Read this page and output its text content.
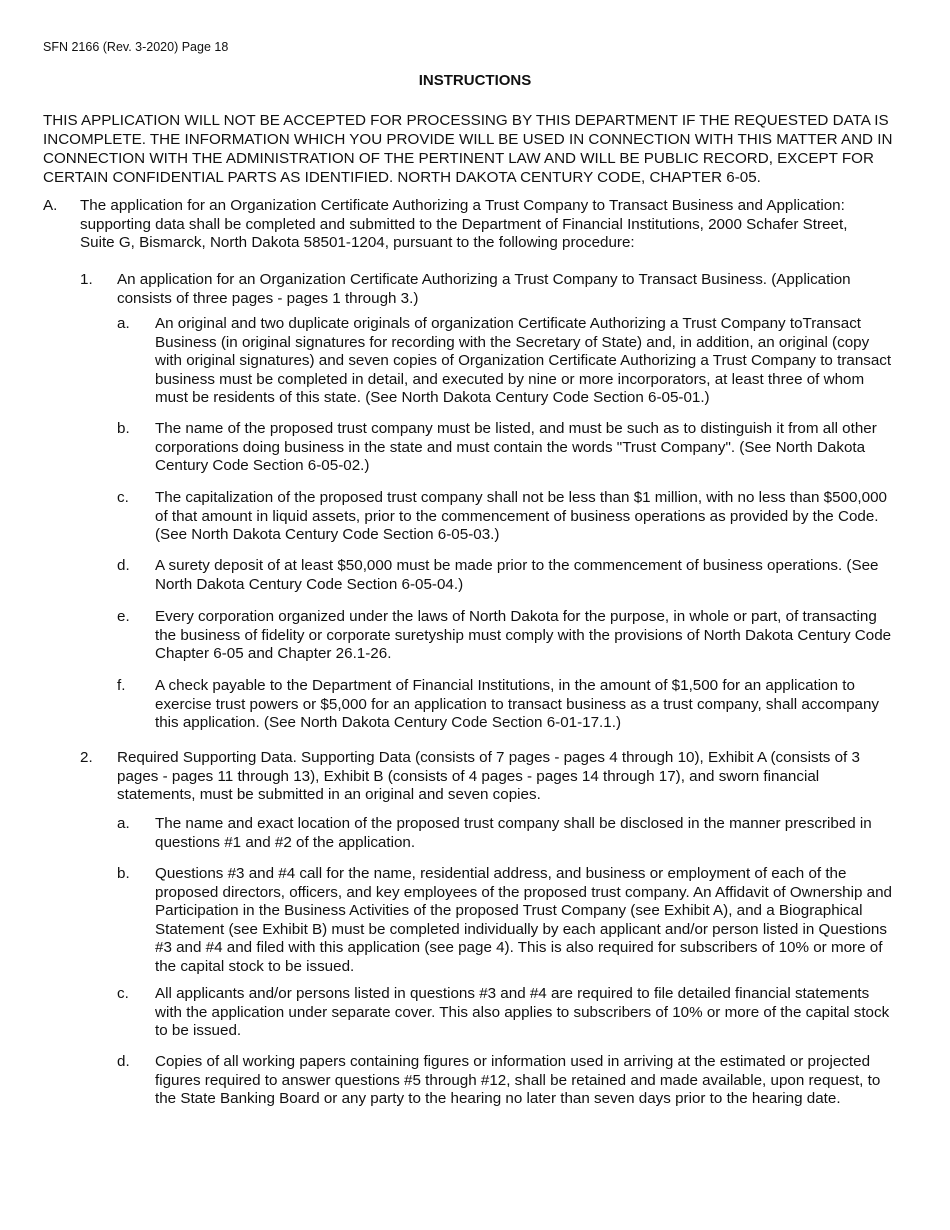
SFN 2166 (Rev. 3-2020) Page 18
INSTRUCTIONS

THIS APPLICATION WILL NOT BE ACCEPTED FOR PROCESSING BY THIS DEPARTMENT IF THE REQUESTED DATA IS INCOMPLETE. THE INFORMATION WHICH YOU PROVIDE WILL BE USED IN CONNECTION WITH THIS MATTER AND IN CONNECTION WITH THE ADMINISTRATION OF THE PERTINENT LAW AND WILL BE PUBLIC RECORD, EXCEPT FOR CERTAIN CONFIDENTIAL PARTS AS IDENTIFIED. NORTH DAKOTA CENTURY CODE, CHAPTER 6-05.

A. The application for an Organization Certificate Authorizing a Trust Company to Transact Business and Application: supporting data shall be completed and submitted to the Department of Financial Institutions, 2000 Schafer Street, Suite G, Bismarck, North Dakota 58501-1204, pursuant to the following procedure:

1. An application for an Organization Certificate Authorizing a Trust Company to Transact Business. (Application consists of three pages - pages 1 through 3.)

a. An original and two duplicate originals of organization Certificate Authorizing a Trust Company toTransact Business (in original signatures for recording with the Secretary of State) and, in addition, an original (copy with original signatures) and seven copies of Organization Certificate Authorizing a Trust Company to transact business must be completed in detail, and executed by nine or more incorporators, at least three of whom must be residents of this state. (See North Dakota Century Code Section 6-05-01.)

b. The name of the proposed trust company must be listed, and must be such as to distinguish it from all other corporations doing business in the state and must contain the words "Trust Company". (See North Dakota Century Code Section 6-05-02.)

c. The capitalization of the proposed trust company shall not be less than $1 million, with no less than $500,000 of that amount in liquid assets, prior to the commencement of business operations as provided by the Code. (See North Dakota Century Code Section 6-05-03.)

d. A surety deposit of at least $50,000 must be made prior to the commencement of business operations. (See North Dakota Century Code Section 6-05-04.)

e. Every corporation organized under the laws of North Dakota for the purpose, in whole or part, of transacting the business of fidelity or corporate suretyship must comply with the provisions of North Dakota Century Code Chapter 6-05 and Chapter 26.1-26.

f. A check payable to the Department of Financial Institutions, in the amount of $1,500 for an application to exercise trust powers or $5,000 for an application to transact business as a trust company, shall accompany this application. (See North Dakota Century Code Section 6-01-17.1.)

2. Required Supporting Data. Supporting Data (consists of 7 pages - pages 4 through 10), Exhibit A (consists of 3 pages - pages 11 through 13), Exhibit B (consists of 4 pages - pages 14 through 17), and sworn financial statements, must be submitted in an original and seven copies.

a. The name and exact location of the proposed trust company shall be disclosed in the manner prescribed in questions #1 and #2 of the application.

b. Questions #3 and #4 call for the name, residential address, and business or employment of each of the proposed directors, officers, and key employees of the proposed trust company. An Affidavit of Ownership and Participation in the Business Activities of the proposed Trust Company (see Exhibit A), and a Biographical Statement (see Exhibit B) must be completed individually by each applicant and/or person listed in Questions #3 and #4 and filed with this application (see page 4). This is also required for subscribers of 10% or more of the capital stock to be issued.

c. All applicants and/or persons listed in questions #3 and #4 are required to file detailed financial statements with the application under separate cover. This also applies to subscribers of 10% or more of the capital stock to be issued.

d. Copies of all working papers containing figures or information used in arriving at the estimated or projected figures required to answer questions #5 through #12, shall be retained and made available, upon request, to the State Banking Board or any party to the hearing no later than seven days prior to the hearing date.
